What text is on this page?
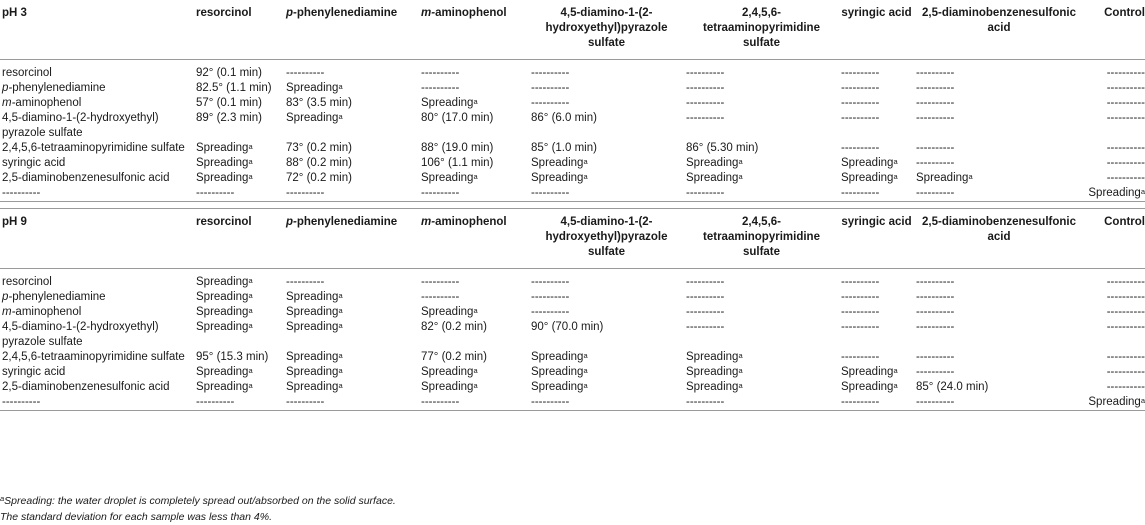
pH 3	resorcinol	p-phenylenediamine	m-aminophenol	4,5-diamino-1-(2-hydroxyethyl)pyrazole sulfate	2,4,5,6-tetraaminopyrimidine sulfate	syringic acid	2,5-diaminobenzenesulfonic acid	Control

resorcinol	92° (0.1 min)	----------	----------	----------	----------	----------	----------	----------
p-phenylenediamine	82.5° (1.1 min)	Spreading$^a$	----------	----------	----------	----------	----------	----------
m-aminophenol	57° (0.1 min)	83° (3.5 min)	Spreading$^a$	----------	----------	----------	----------	----------
4,5-diamino-1-(2-hydroxyethyl) pyrazole sulfate	89° (2.3 min)	Spreading$^a$	80° (17.0 min)	86° (6.0 min)	----------	----------	----------	----------
2,4,5,6-tetraaminopyrimidine sulfate	Spreading$^a$	73° (0.2 min)	88° (19.0 min)	85° (1.0 min)	86° (5.30 min)	----------	----------	----------
syringic acid	Spreading$^a$	88° (0.2 min)	106° (1.1 min)	Spreading$^a$	Spreading$^a$	Spreading$^a$	----------	----------
2,5-diaminobenzenesulfonic acid	Spreading$^a$	72° (0.2 min)	Spreading$^a$	Spreading$^a$	Spreading$^a$	Spreading$^a$	Spreading$^a$	----------
----------	----------	----------	----------	----------	----------	----------	----------	Spreading$^a$

pH 9	resorcinol	p-phenylenediamine	m-aminophenol	4,5-diamino-1-(2-hydroxyethyl)pyrazole sulfate	2,4,5,6-tetraaminopyrimidine sulfate	syringic acid	2,5-diaminobenzenesulfonic acid	Control

resorcinol	Spreading$^a$	----------	----------	----------	----------	----------	----------	----------
p-phenylenediamine	Spreading$^a$	Spreading$^a$	----------	----------	----------	----------	----------	----------
m-aminophenol	Spreading$^a$	Spreading$^a$	Spreading$^a$	----------	----------	----------	----------	----------
4,5-diamino-1-(2-hydroxyethyl) pyrazole sulfate	Spreading$^a$	Spreading$^a$	82° (0.2 min)	90° (70.0 min)	----------	----------	----------	----------
2,4,5,6-tetraaminopyrimidine sulfate	95° (15.3 min)	Spreading$^a$	77° (0.2 min)	Spreading$^a$	Spreading$^a$	----------	----------	----------
syringic acid	Spreading$^a$	Spreading$^a$	Spreading$^a$	Spreading$^a$	Spreading$^a$	Spreading$^a$	----------	----------
2,5-diaminobenzenesulfonic acid	Spreading$^a$	Spreading$^a$	Spreading$^a$	Spreading$^a$	Spreading$^a$	Spreading$^a$	85° (24.0 min)	----------
----------	----------	----------	----------	----------	----------	----------	----------	Spreading$^a$
$^a$Spreading: the water droplet is completely spread out/absorbed on the solid surface.
The standard deviation for each sample was less than 4%.
